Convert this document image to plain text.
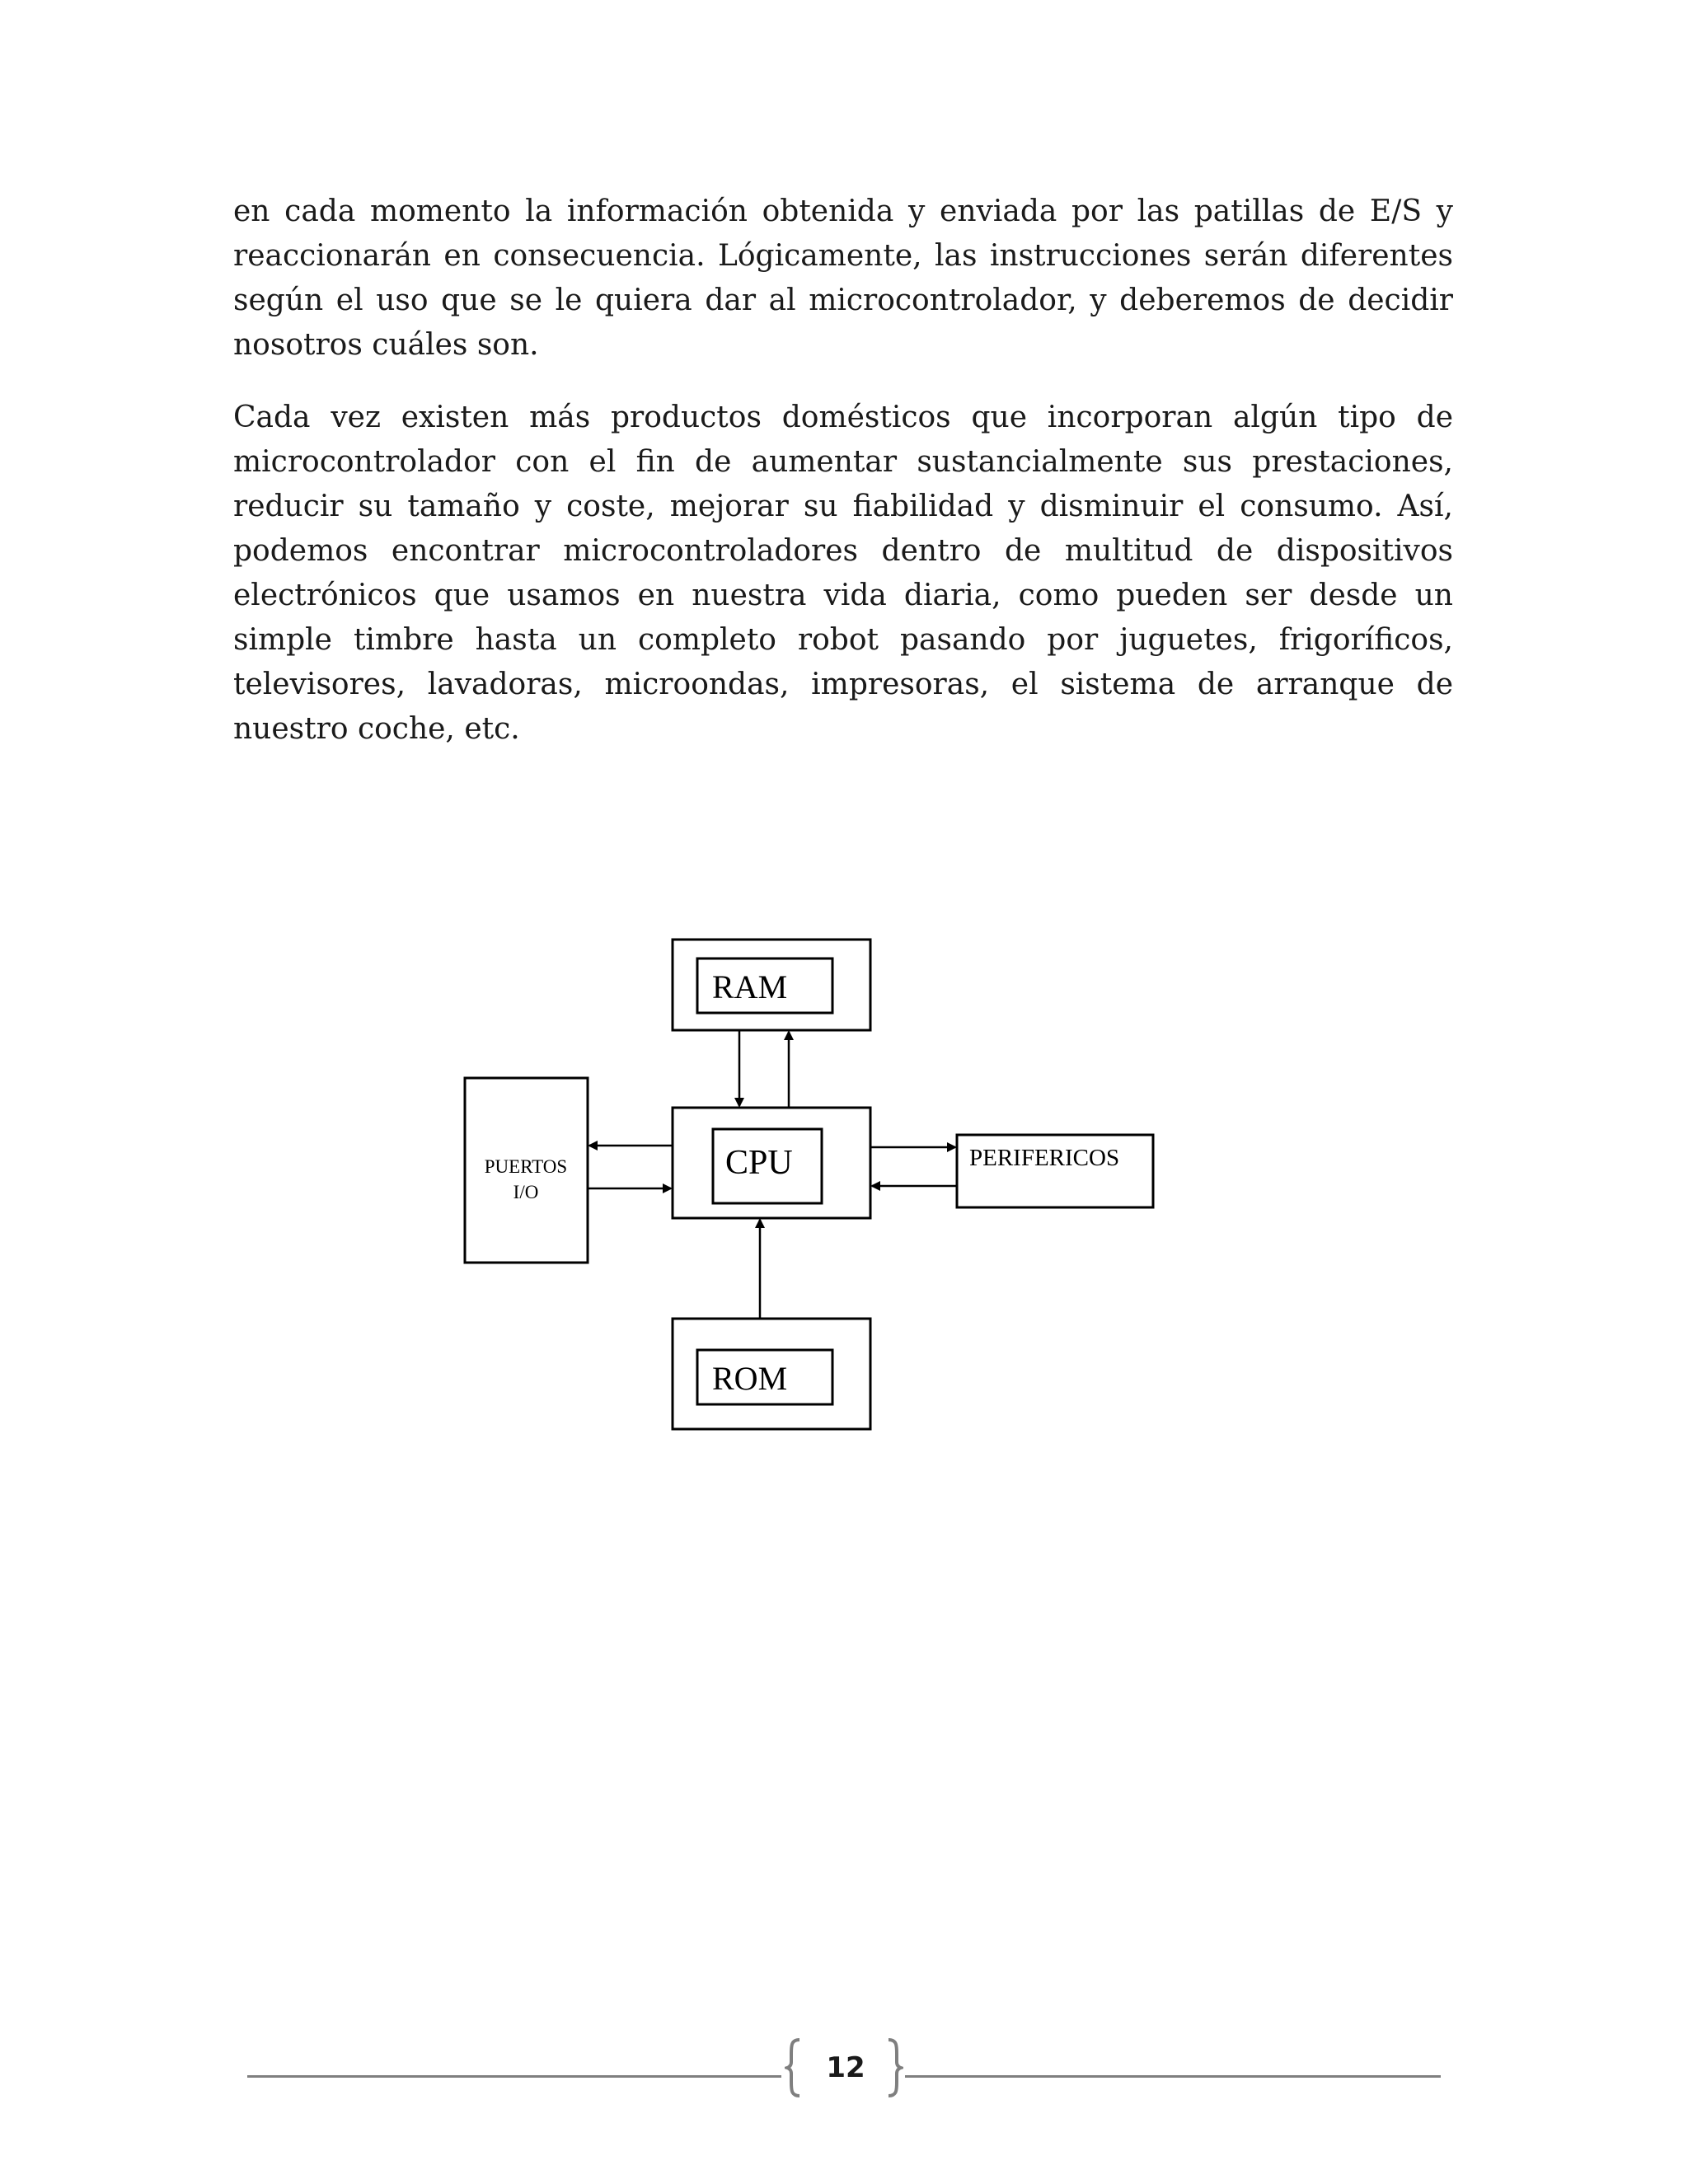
en cada momento la información obtenida y enviada por las patillas de E/S y reaccionarán en consecuencia. Lógicamente, las instrucciones serán diferentes según el uso que se le quiera dar al microcontrolador, y deberemos de decidir nosotros cuáles son.

Cada vez existen más productos domésticos que incorporan algún tipo de microcontrolador con el fin de aumentar sustancialmente sus prestaciones, reducir su tamaño y coste, mejorar su fiabilidad y disminuir el consumo. Así, podemos encontrar microcontroladores dentro de multitud de dispositivos electrónicos que usamos en nuestra vida diaria, como pueden ser desde un simple timbre hasta un completo robot pasando por juguetes, frigoríficos, televisores, lavadoras, microondas, impresoras, el sistema de arranque de nuestro coche, etc.

RAM
CPU
ROM
PERIFERICOS
PUERTOS
I/O
12
